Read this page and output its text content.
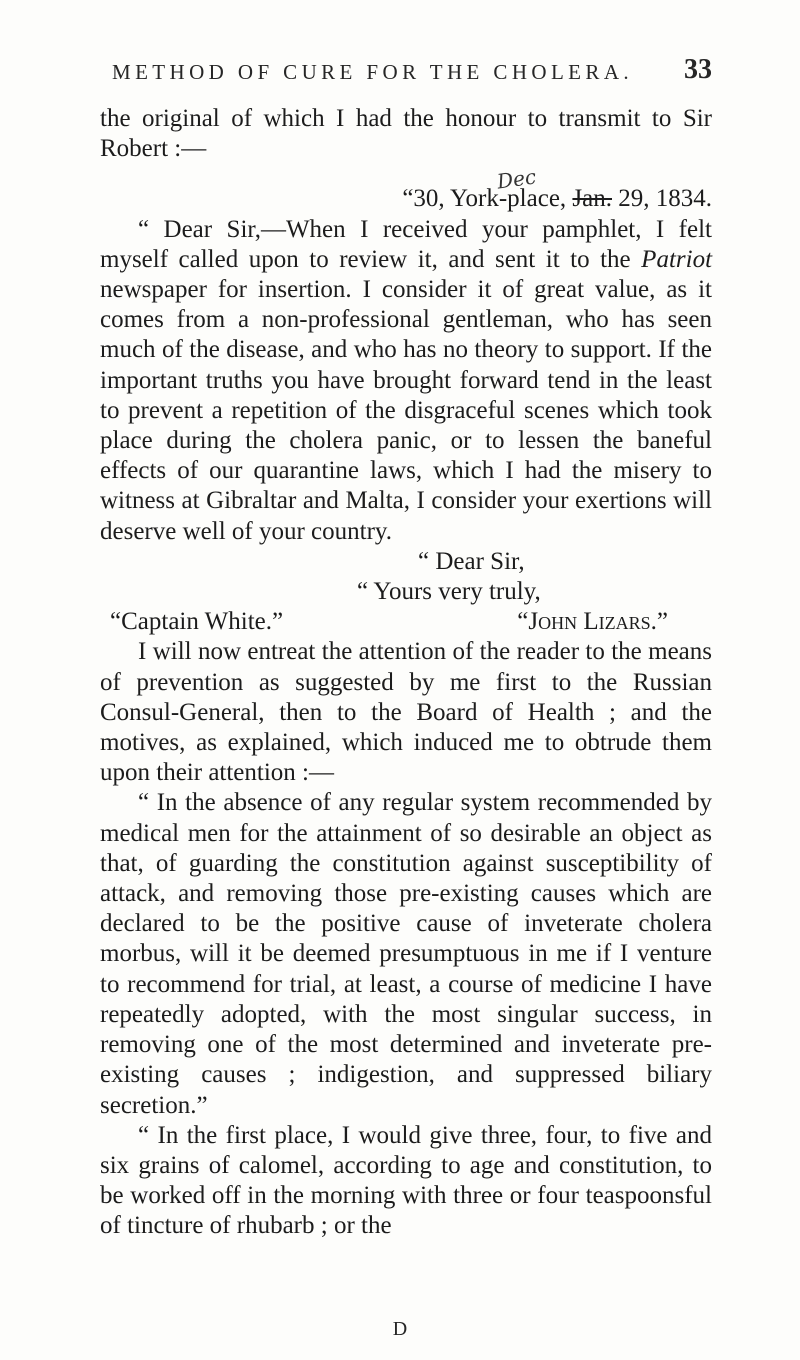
METHOD OF CURE FOR THE CHOLERA. 33

the original of which I had the honour to transmit to Sir Robert :—

Dec
“30, York-place, Jan. 29, 1834.

“ Dear Sir,—When I received your pamphlet, I felt myself called upon to review it, and sent it to the Patriot newspaper for insertion. I consider it of great value, as it comes from a non-professional gentleman, who has seen much of the disease, and who has no theory to support. If the important truths you have brought forward tend in the least to prevent a repetition of the disgraceful scenes which took place during the cholera panic, or to lessen the baneful effects of our quarantine laws, which I had the misery to witness at Gibraltar and Malta, I consider your exertions will deserve well of your country.

“ Dear Sir,

“ Yours very truly,

“Captain White.”	“John Lizars.”

I will now entreat the attention of the reader to the means of prevention as suggested by me first to the Russian Consul-General, then to the Board of Health ; and the motives, as explained, which induced me to obtrude them upon their attention :—

“ In the absence of any regular system recommended by medical men for the attainment of so desirable an object as that, of guarding the constitution against susceptibility of attack, and removing those pre-existing causes which are declared to be the positive cause of inveterate cholera morbus, will it be deemed presumptuous in me if I venture to recommend for trial, at least, a course of medicine I have repeatedly adopted, with the most singular success, in removing one of the most determined and inveterate pre-existing causes ; indigestion, and suppressed biliary secretion.”

“ In the first place, I would give three, four, to five and six grains of calomel, according to age and constitution, to be worked off in the morning with three or four teaspoonsful of tincture of rhubarb ; or the

D
